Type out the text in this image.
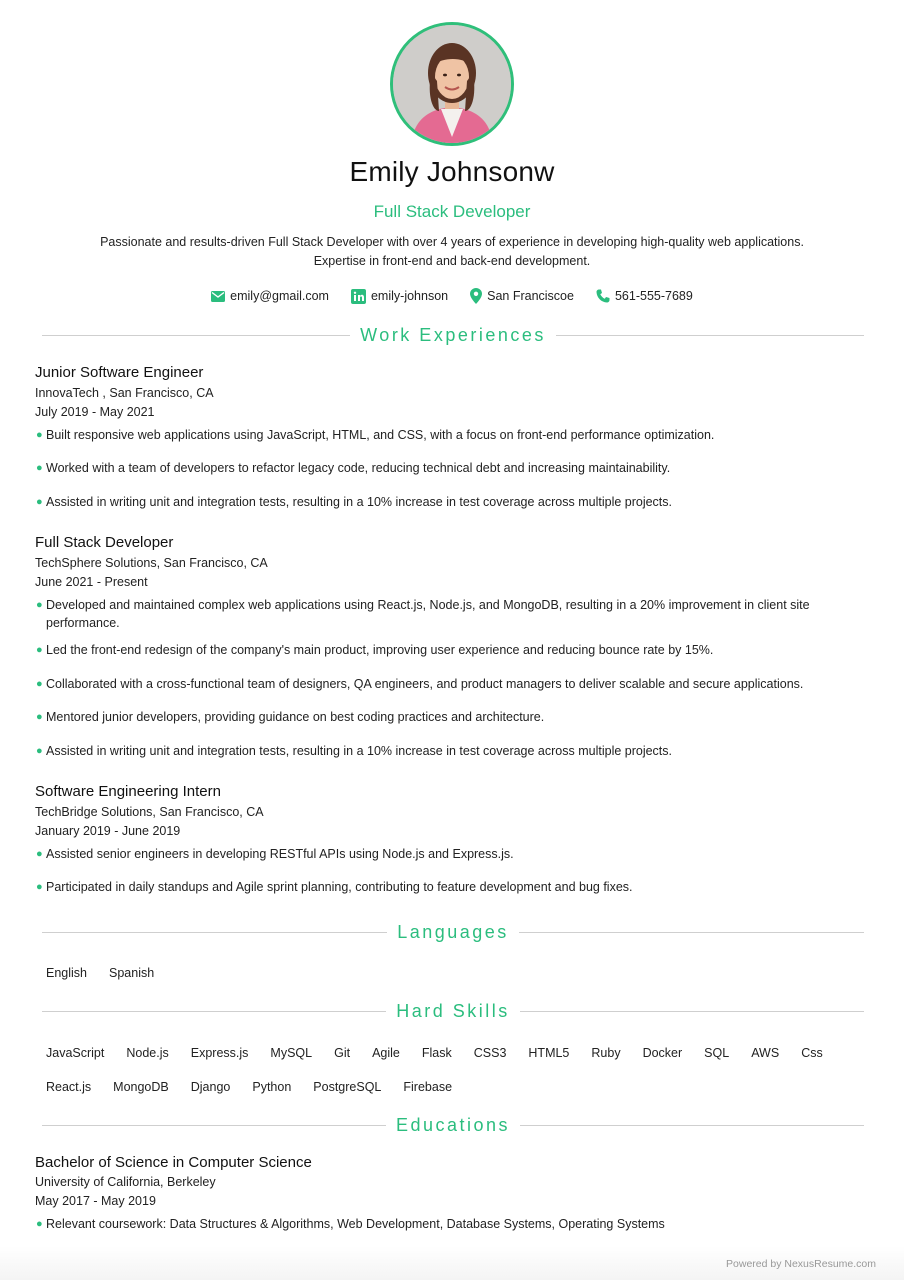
Emily Johnsonw
Full Stack Developer
Passionate and results-driven Full Stack Developer with over 4 years of experience in developing high-quality web applications.
Expertise in front-end and back-end development.
emily@gmail.com	emily-johnson	San Franciscoe	561-555-7689
Work Experiences
Junior Software Engineer
InnovaTech , San Francisco, CA
July 2019 - May 2021
● Built responsive web applications using JavaScript, HTML, and CSS, with a focus on front-end performance optimization.
● Worked with a team of developers to refactor legacy code, reducing technical debt and increasing maintainability.
● Assisted in writing unit and integration tests, resulting in a 10% increase in test coverage across multiple projects.
Full Stack Developer
TechSphere Solutions, San Francisco, CA
June 2021 - Present
● Developed and maintained complex web applications using React.js, Node.js, and MongoDB, resulting in a 20% improvement in client site performance.
● Led the front-end redesign of the company's main product, improving user experience and reducing bounce rate by 15%.
● Collaborated with a cross-functional team of designers, QA engineers, and product managers to deliver scalable and secure applications.
● Mentored junior developers, providing guidance on best coding practices and architecture.
● Assisted in writing unit and integration tests, resulting in a 10% increase in test coverage across multiple projects.
Software Engineering Intern
TechBridge Solutions, San Francisco, CA
January 2019 - June 2019
● Assisted senior engineers in developing RESTful APIs using Node.js and Express.js.
● Participated in daily standups and Agile sprint planning, contributing to feature development and bug fixes.
Languages
English Spanish
Hard Skills
JavaScript Node.js Express.js MySQL Git Agile Flask CSS3 HTML5 Ruby Docker SQL AWS Css
React.js MongoDB Django Python PostgreSQL Firebase
Educations
Bachelor of Science in Computer Science
University of California, Berkeley
May 2017 - May 2019
● Relevant coursework: Data Structures & Algorithms, Web Development, Database Systems, Operating Systems
Powered by NexusResume.com
